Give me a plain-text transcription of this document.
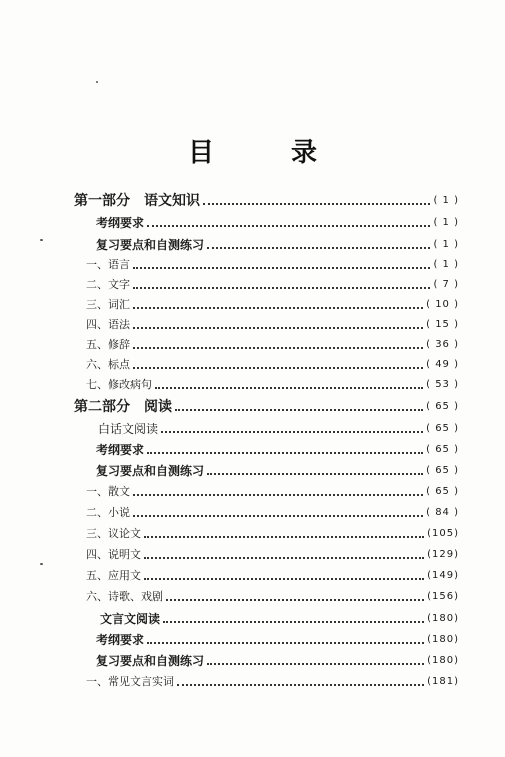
目 录
第一部分　语文知识	( 1 )
考纲要求	( 1 )
复习要点和自测练习	( 1 )
一、语言	( 1 )
二、文字	( 7 )
三、词汇	( 10 )
四、语法	( 15 )
五、修辞	( 36 )
六、标点	( 49 )
七、修改病句	( 53 )
第二部分　阅读	( 65 )
白话文阅读	( 65 )
考纲要求	( 65 )
复习要点和自测练习	( 65 )
一、散文	( 65 )
二、小说	( 84 )
三、议论文	(105)
四、说明文	(129)
五、应用文	(149)
六、诗歌、戏剧	(156)
文言文阅读	(180)
考纲要求	(180)
复习要点和自测练习	(180)
一、常见文言实词	(181)
